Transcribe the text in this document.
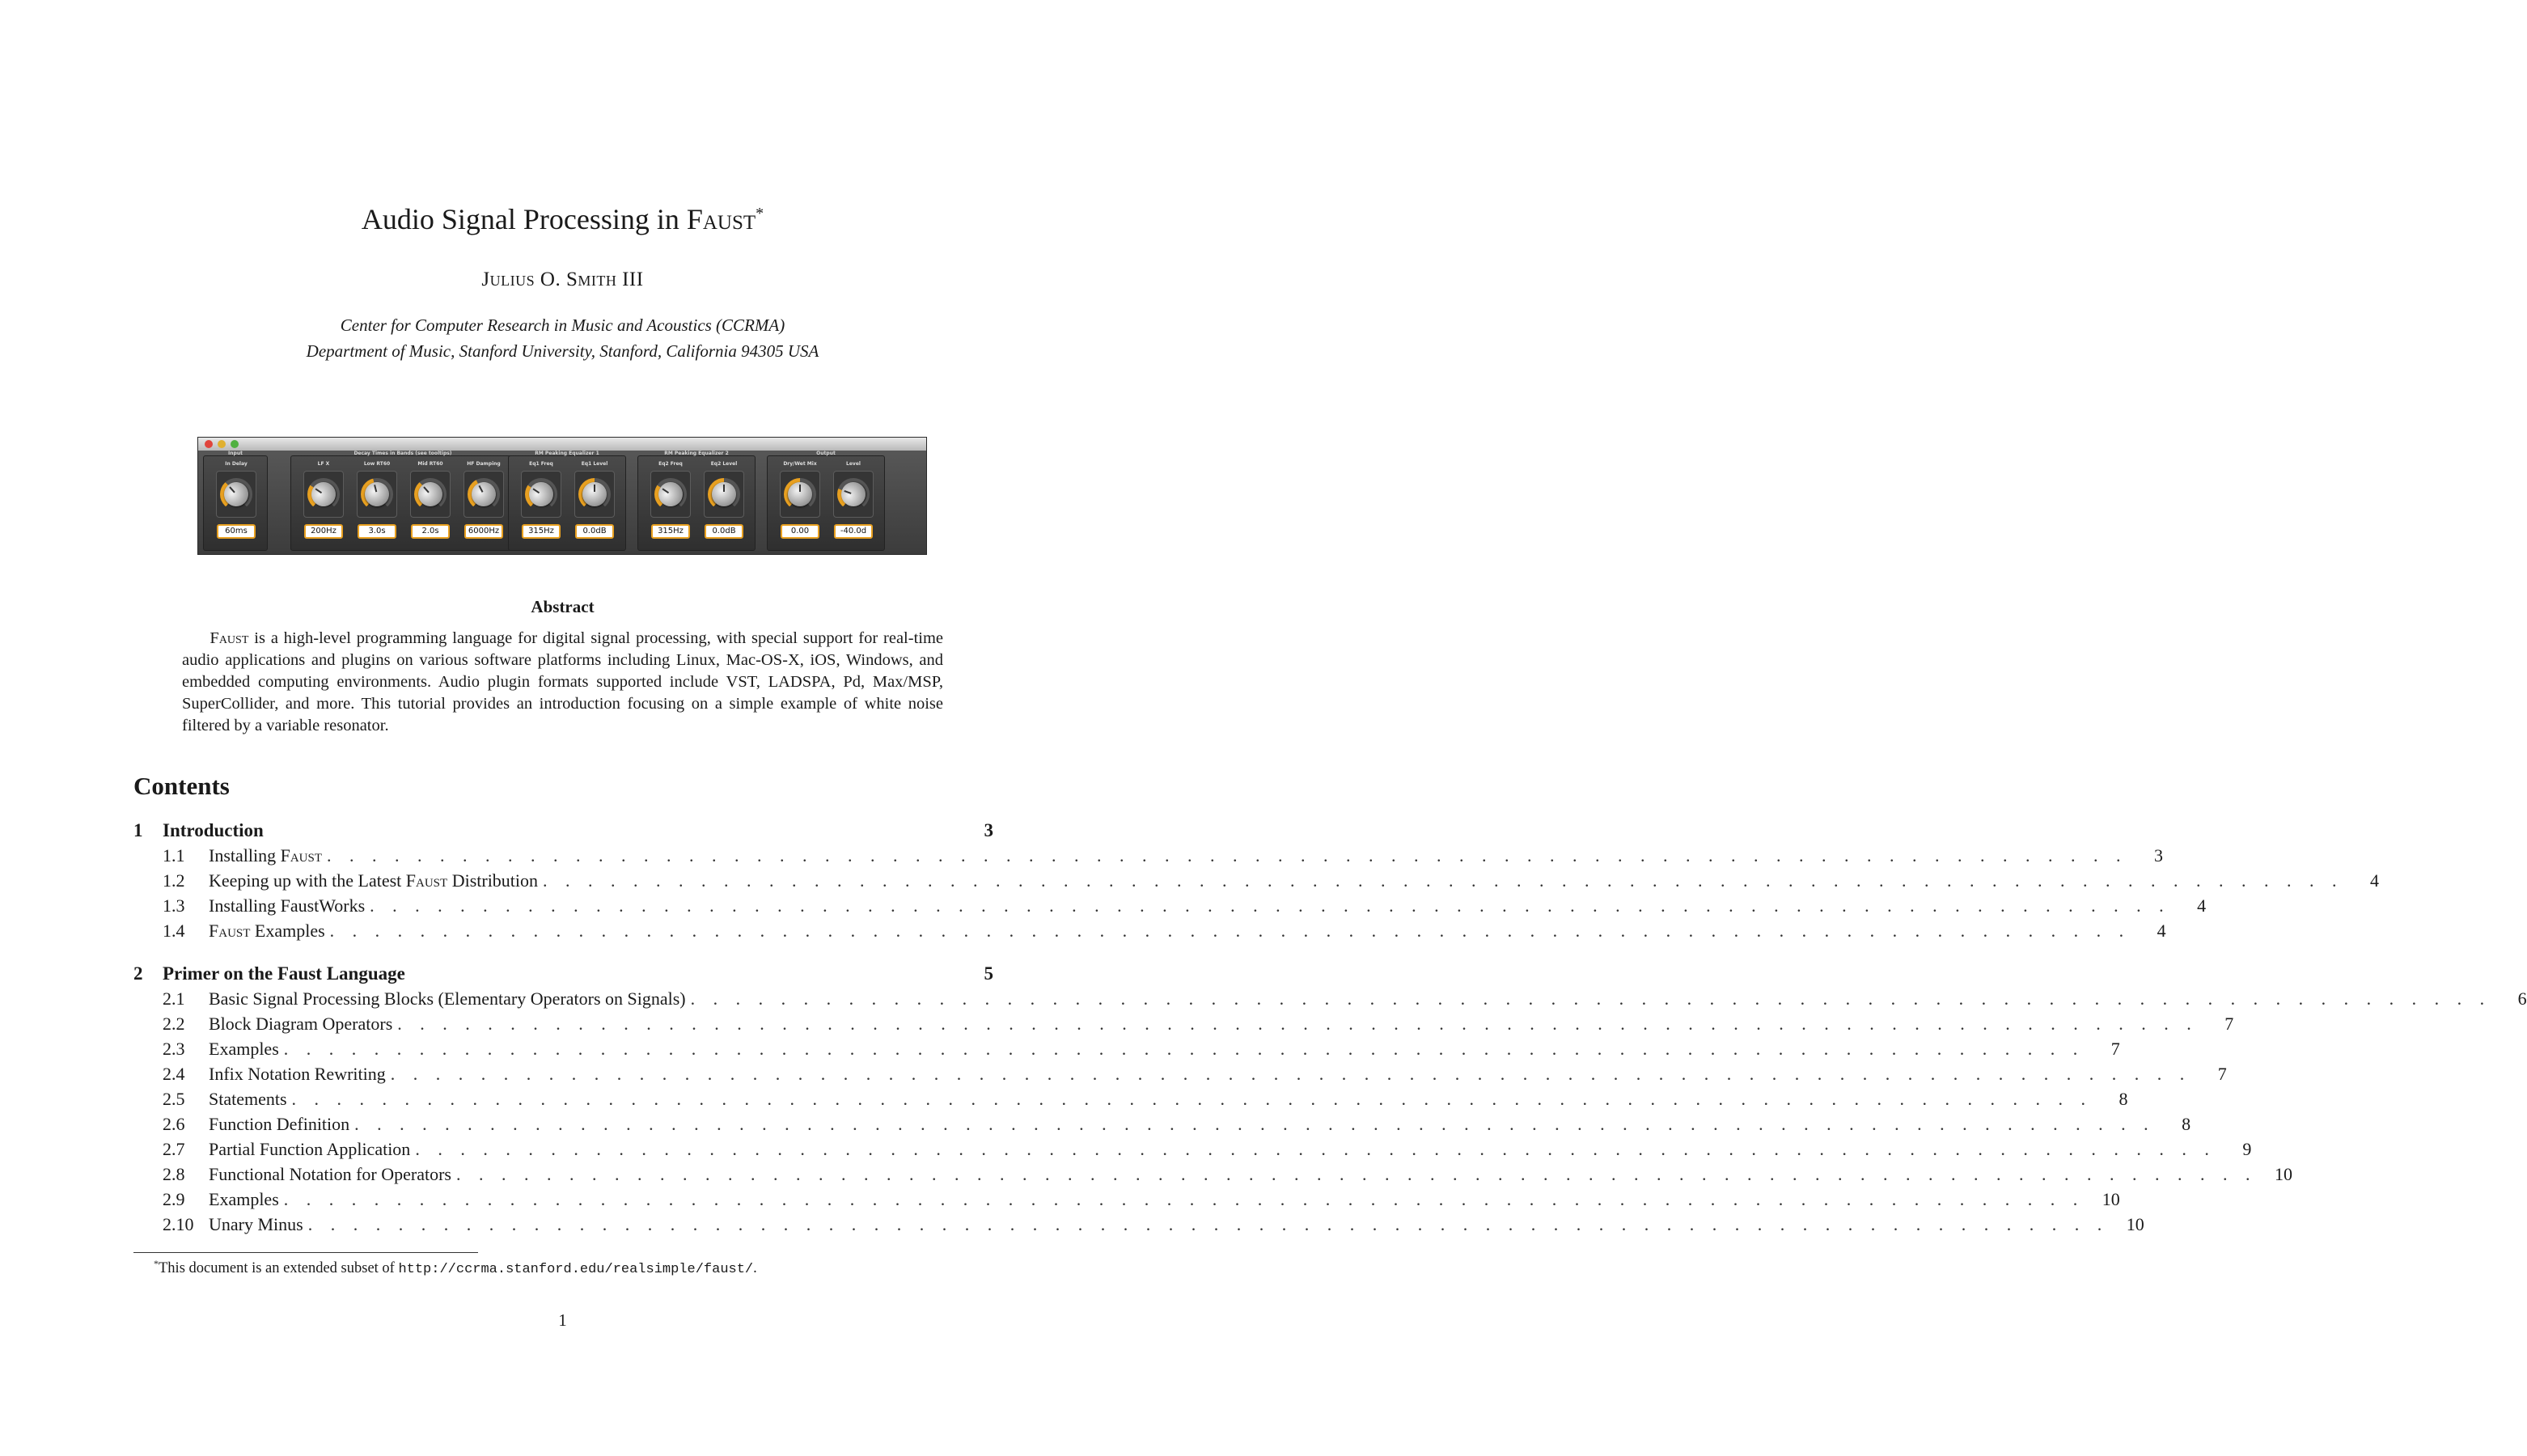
Audio Signal Processing in Faust*
Julius O. Smith III
Center for Computer Research in Music and Acoustics (CCRMA)
Department of Music, Stanford University, Stanford, California 94305 USA
Input
In Delay
60ms
Decay Times in Bands (see tooltips)
LF X
200Hz
Low RT60
3.0s
Mid RT60
2.0s
HF Damping
6000Hz
RM Peaking Equalizer 1
Eq1 Freq
315Hz
Eq1 Level
0.0dB
RM Peaking Equalizer 2
Eq2 Freq
315Hz
Eq2 Level
0.0dB
Output
Dry/Wet Mix
0.00
Level
-40.0d
Abstract
Faust is a high-level programming language for digital signal processing, with special support for real-time audio applications and plugins on various software platforms including Linux, Mac-OS-X, iOS, Windows, and embedded computing environments. Audio plugin formats supported include VST, LADSPA, Pd, Max/MSP, SuperCollider, and more. This tutorial provides an introduction focusing on a simple example of white noise filtered by a variable resonator.
Contents
1	Introduction	3
1.1	Installing Faust . . . . . . . . . . . . . . . . . . . . . . . . . . . . . . . . . . . . . . . . . . . . . . . . . . . . . . . . . . . . . . . . . . . . . . . . . . . . . . . .	3
1.2	Keeping up with the Latest Faust Distribution . . . . . . . . . . . . . . . . . . . . . . . . . . . . . . . . . . . . . . . . . . . . . . . . . . . . . . . . . . . . . . . . . . . . . . . . . . . . . . . .	4
1.3	Installing FaustWorks . . . . . . . . . . . . . . . . . . . . . . . . . . . . . . . . . . . . . . . . . . . . . . . . . . . . . . . . . . . . . . . . . . . . . . . . . . . . . . . .	4
1.4	Faust Examples . . . . . . . . . . . . . . . . . . . . . . . . . . . . . . . . . . . . . . . . . . . . . . . . . . . . . . . . . . . . . . . . . . . . . . . . . . . . . . . .	4
2	Primer on the Faust Language	5
2.1	Basic Signal Processing Blocks (Elementary Operators on Signals) . . . . . . . . . . . . . . . . . . . . . . . . . . . . . . . . . . . . . . . . . . . . . . . . . . . . . . . . . . . . . . . . . . . . . . . . . . . . . . . .	6
2.2	Block Diagram Operators . . . . . . . . . . . . . . . . . . . . . . . . . . . . . . . . . . . . . . . . . . . . . . . . . . . . . . . . . . . . . . . . . . . . . . . . . . . . . . . .	7
2.3	Examples . . . . . . . . . . . . . . . . . . . . . . . . . . . . . . . . . . . . . . . . . . . . . . . . . . . . . . . . . . . . . . . . . . . . . . . . . . . . . . . .	7
2.4	Infix Notation Rewriting . . . . . . . . . . . . . . . . . . . . . . . . . . . . . . . . . . . . . . . . . . . . . . . . . . . . . . . . . . . . . . . . . . . . . . . . . . . . . . . .	7
2.5	Statements . . . . . . . . . . . . . . . . . . . . . . . . . . . . . . . . . . . . . . . . . . . . . . . . . . . . . . . . . . . . . . . . . . . . . . . . . . . . . . . .	8
2.6	Function Definition . . . . . . . . . . . . . . . . . . . . . . . . . . . . . . . . . . . . . . . . . . . . . . . . . . . . . . . . . . . . . . . . . . . . . . . . . . . . . . . .	8
2.7	Partial Function Application . . . . . . . . . . . . . . . . . . . . . . . . . . . . . . . . . . . . . . . . . . . . . . . . . . . . . . . . . . . . . . . . . . . . . . . . . . . . . . . .	9
2.8	Functional Notation for Operators . . . . . . . . . . . . . . . . . . . . . . . . . . . . . . . . . . . . . . . . . . . . . . . . . . . . . . . . . . . . . . . . . . . . . . . . . . . . . . . .	10
2.9	Examples . . . . . . . . . . . . . . . . . . . . . . . . . . . . . . . . . . . . . . . . . . . . . . . . . . . . . . . . . . . . . . . . . . . . . . . . . . . . . . . .	10
2.10 Unary Minus . . . . . . . . . . . . . . . . . . . . . . . . . . . . . . . . . . . . . . . . . . . . . . . . . . . . . . . . . . . . . . . . . . . . . . . . . . . . . . . .	10
*This document is an extended subset of http://ccrma.stanford.edu/realsimple/faust/.
1
